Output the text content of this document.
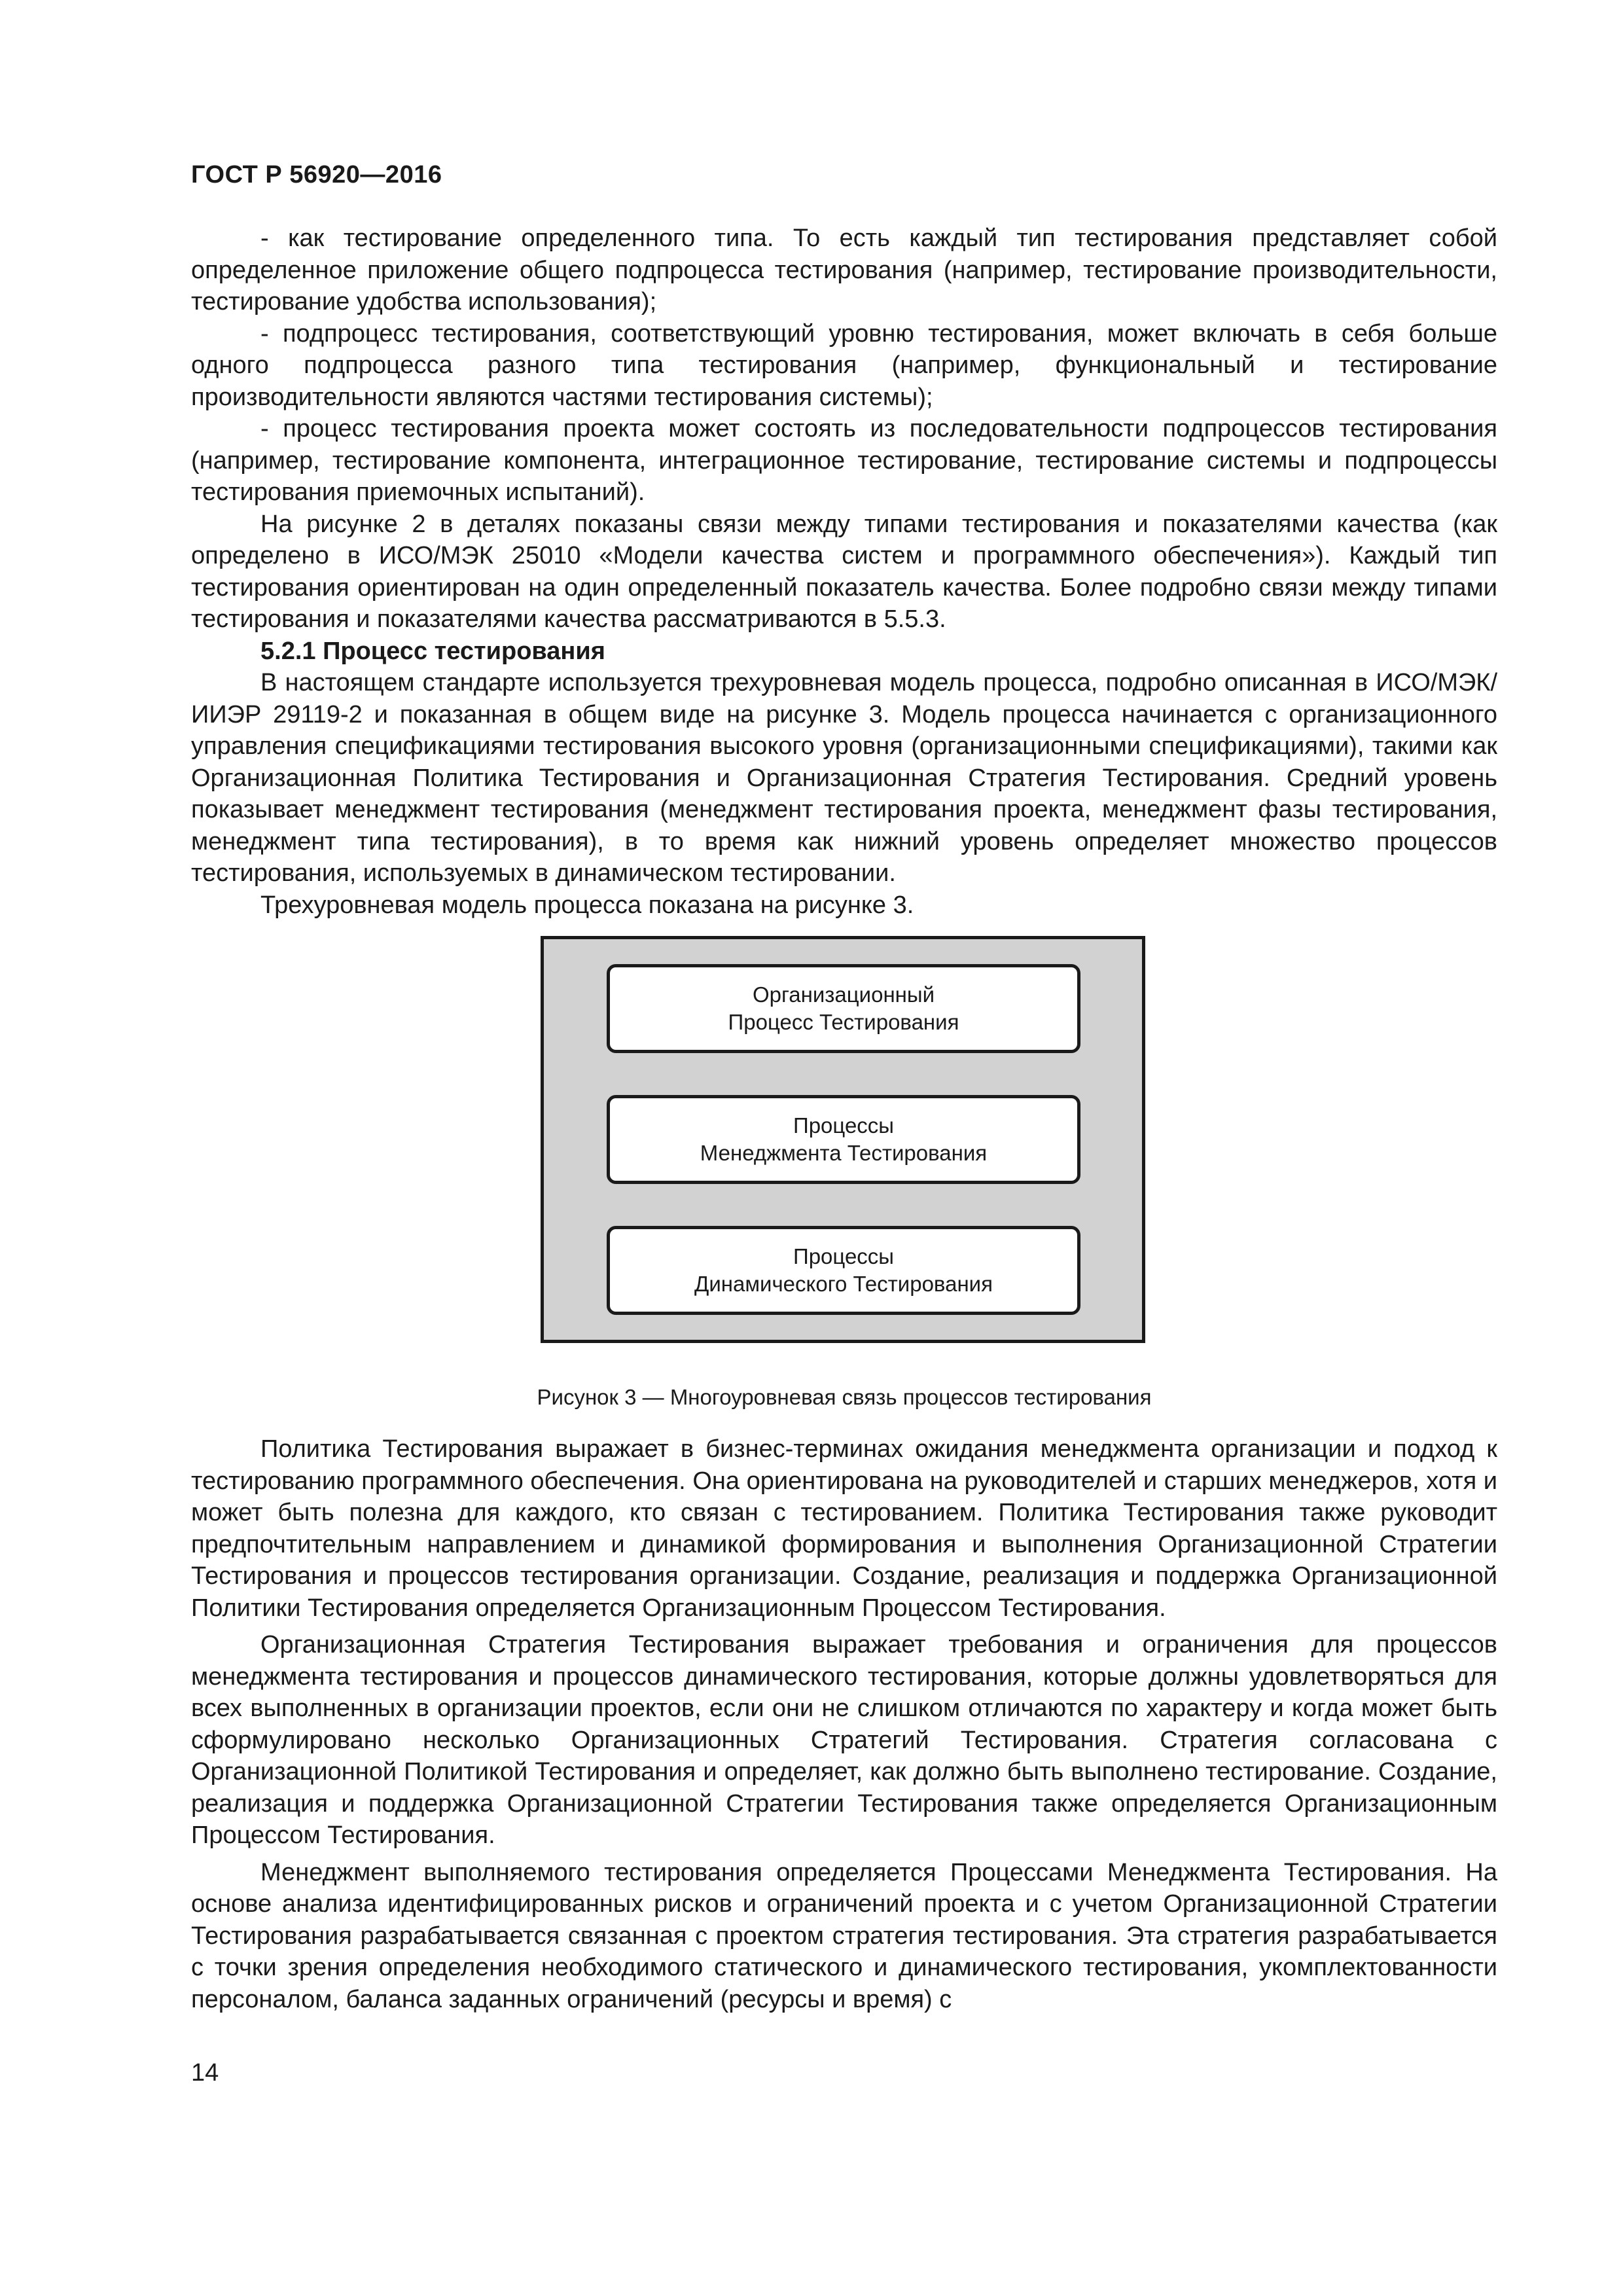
ГОСТ Р 56920—2016

- как тестирование определенного типа. То есть каждый тип тестирования представляет собой определенное приложение общего подпроцесса тестирования (например, тестирование производительности, тестирование удобства использования);

- подпроцесс тестирования, соответствующий уровню тестирования, может включать в себя больше одного подпроцесса разного типа тестирования (например, функциональный и тестирование производительности являются частями тестирования системы);

- процесс тестирования проекта может состоять из последовательности подпроцессов тестирования (например, тестирование компонента, интеграционное тестирование, тестирование системы и подпроцессы тестирования приемочных испытаний).

На рисунке 2 в деталях показаны связи между типами тестирования и показателями качества (как определено в ИСО/МЭК 25010 «Модели качества систем и программного обеспечения»). Каждый тип тестирования ориентирован на один определенный показатель качества. Более подробно связи между типами тестирования и показателями качества рассматриваются в 5.5.3.

5.2.1 Процесс тестирования

В настоящем стандарте используется трехуровневая модель процесса, подробно описанная в ИСО/МЭК/ИИЭР 29119-2 и показанная в общем виде на рисунке 3. Модель процесса начинается с организационного управления спецификациями тестирования высокого уровня (организационными спецификациями), такими как Организационная Политика Тестирования и Организационная Стратегия Тестирования. Средний уровень показывает менеджмент тестирования (менеджмент тестирования проекта, менеджмент фазы тестирования, менеджмент типа тестирования), в то время как нижний уровень определяет множество процессов тестирования, используемых в динамическом тестировании.

Трехуровневая модель процесса показана на рисунке 3.

Организационный
Процесс Тестирования
Процессы
Менеджмента Тестирования
Процессы
Динамического Тестирования
Рисунок 3 — Многоуровневая связь процессов тестирования

Политика Тестирования выражает в бизнес-терминах ожидания менеджмента организации и подход к тестированию программного обеспечения. Она ориентирована на руководителей и старших менеджеров, хотя и может быть полезна для каждого, кто связан с тестированием. Политика Тестирования также руководит предпочтительным направлением и динамикой формирования и выполнения Организационной Стратегии Тестирования и процессов тестирования организации. Создание, реализация и поддержка Организационной Политики Тестирования определяется Организационным Процессом Тестирования.

Организационная Стратегия Тестирования выражает требования и ограничения для процессов менеджмента тестирования и процессов динамического тестирования, которые должны удовлетворяться для всех выполненных в организации проектов, если они не слишком отличаются по характеру и когда может быть сформулировано несколько Организационных Стратегий Тестирования. Стратегия согласована с Организационной Политикой Тестирования и определяет, как должно быть выполнено тестирование. Создание, реализация и поддержка Организационной Стратегии Тестирования также определяется Организационным Процессом Тестирования.

Менеджмент выполняемого тестирования определяется Процессами Менеджмента Тестирования. На основе анализа идентифицированных рисков и ограничений проекта и с учетом Организационной Стратегии Тестирования разрабатывается связанная с проектом стратегия тестирования. Эта стратегия разрабатывается с точки зрения определения необходимого статического и динамического тестирования, укомплектованности персоналом, баланса заданных ограничений (ресурсы и время) с

14
